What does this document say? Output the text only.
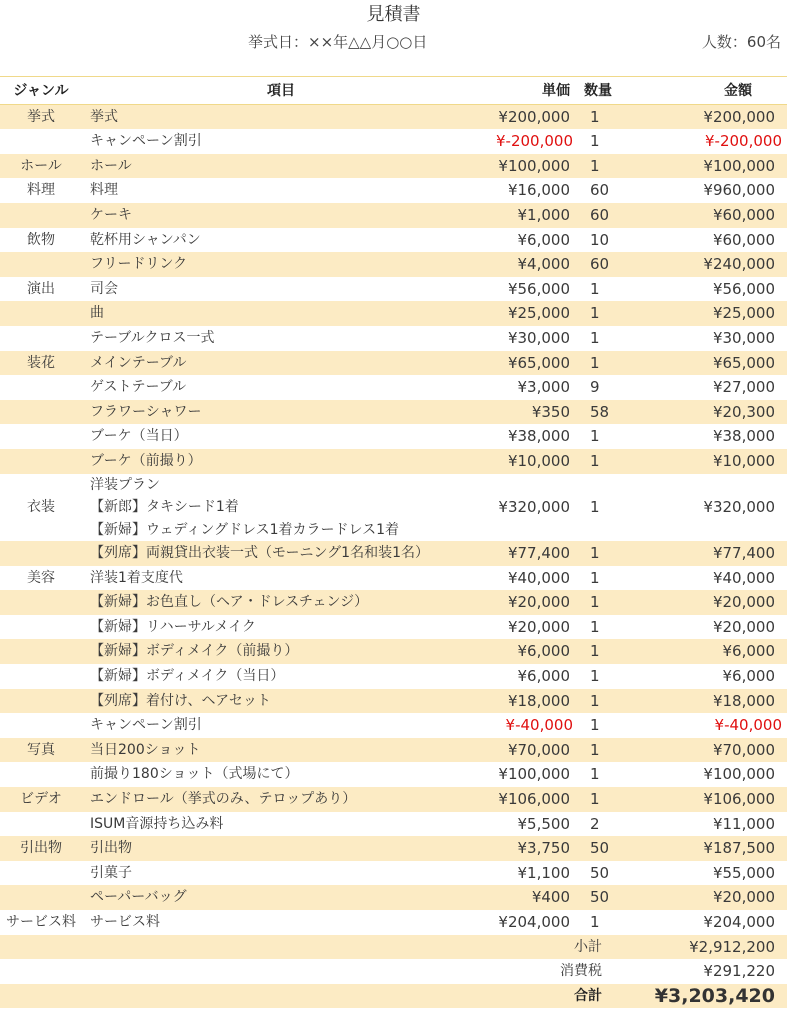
見積書
挙式日：××年△△月○○日	人数：60名
ジャンル	項目	単価	数量	金額
挙式	挙式	¥200,000	1	¥200,000
	キャンペーン割引	¥-200,000	1	¥-200,000
ホール	ホール	¥100,000	1	¥100,000
料理	料理	¥16,000	60	¥960,000
	ケーキ	¥1,000	60	¥60,000
飲物	乾杯用シャンパン	¥6,000	10	¥60,000
	フリードリンク	¥4,000	60	¥240,000
演出	司会	¥56,000	1	¥56,000
	曲	¥25,000	1	¥25,000
	テーブルクロス一式	¥30,000	1	¥30,000
装花	メインテーブル	¥65,000	1	¥65,000
	ゲストテーブル	¥3,000	9	¥27,000
	フラワーシャワー	¥350	58	¥20,300
	ブーケ（当日）	¥38,000	1	¥38,000
	ブーケ（前撮り）	¥10,000	1	¥10,000
衣装	洋装プラン
【新郎】タキシード1着
【新婦】ウェディングドレス1着カラードレス1着	¥320,000	1	¥320,000
	【列席】両親貸出衣装一式（モーニング1名和装1名）	¥77,400	1	¥77,400
美容	洋装1着支度代	¥40,000	1	¥40,000
	【新婦】お色直し（ヘア・ドレスチェンジ）	¥20,000	1	¥20,000
	【新婦】リハーサルメイク	¥20,000	1	¥20,000
	【新婦】ボディメイク（前撮り）	¥6,000	1	¥6,000
	【新婦】ボディメイク（当日）	¥6,000	1	¥6,000
	【列席】着付け、ヘアセット	¥18,000	1	¥18,000
	キャンペーン割引	¥-40,000	1	¥-40,000
写真	当日200ショット	¥70,000	1	¥70,000
	前撮り180ショット（式場にて）	¥100,000	1	¥100,000
ビデオ	エンドロール（挙式のみ、テロップあり）	¥106,000	1	¥106,000
	ISUM音源持ち込み料	¥5,500	2	¥11,000
引出物	引出物	¥3,750	50	¥187,500
	引菓子	¥1,100	50	¥55,000
	ペーパーバッグ	¥400	50	¥20,000
サービス料	サービス料	¥204,000	1	¥204,000
		小計		¥2,912,200
		消費税		¥291,220
		合計		¥3,203,420
